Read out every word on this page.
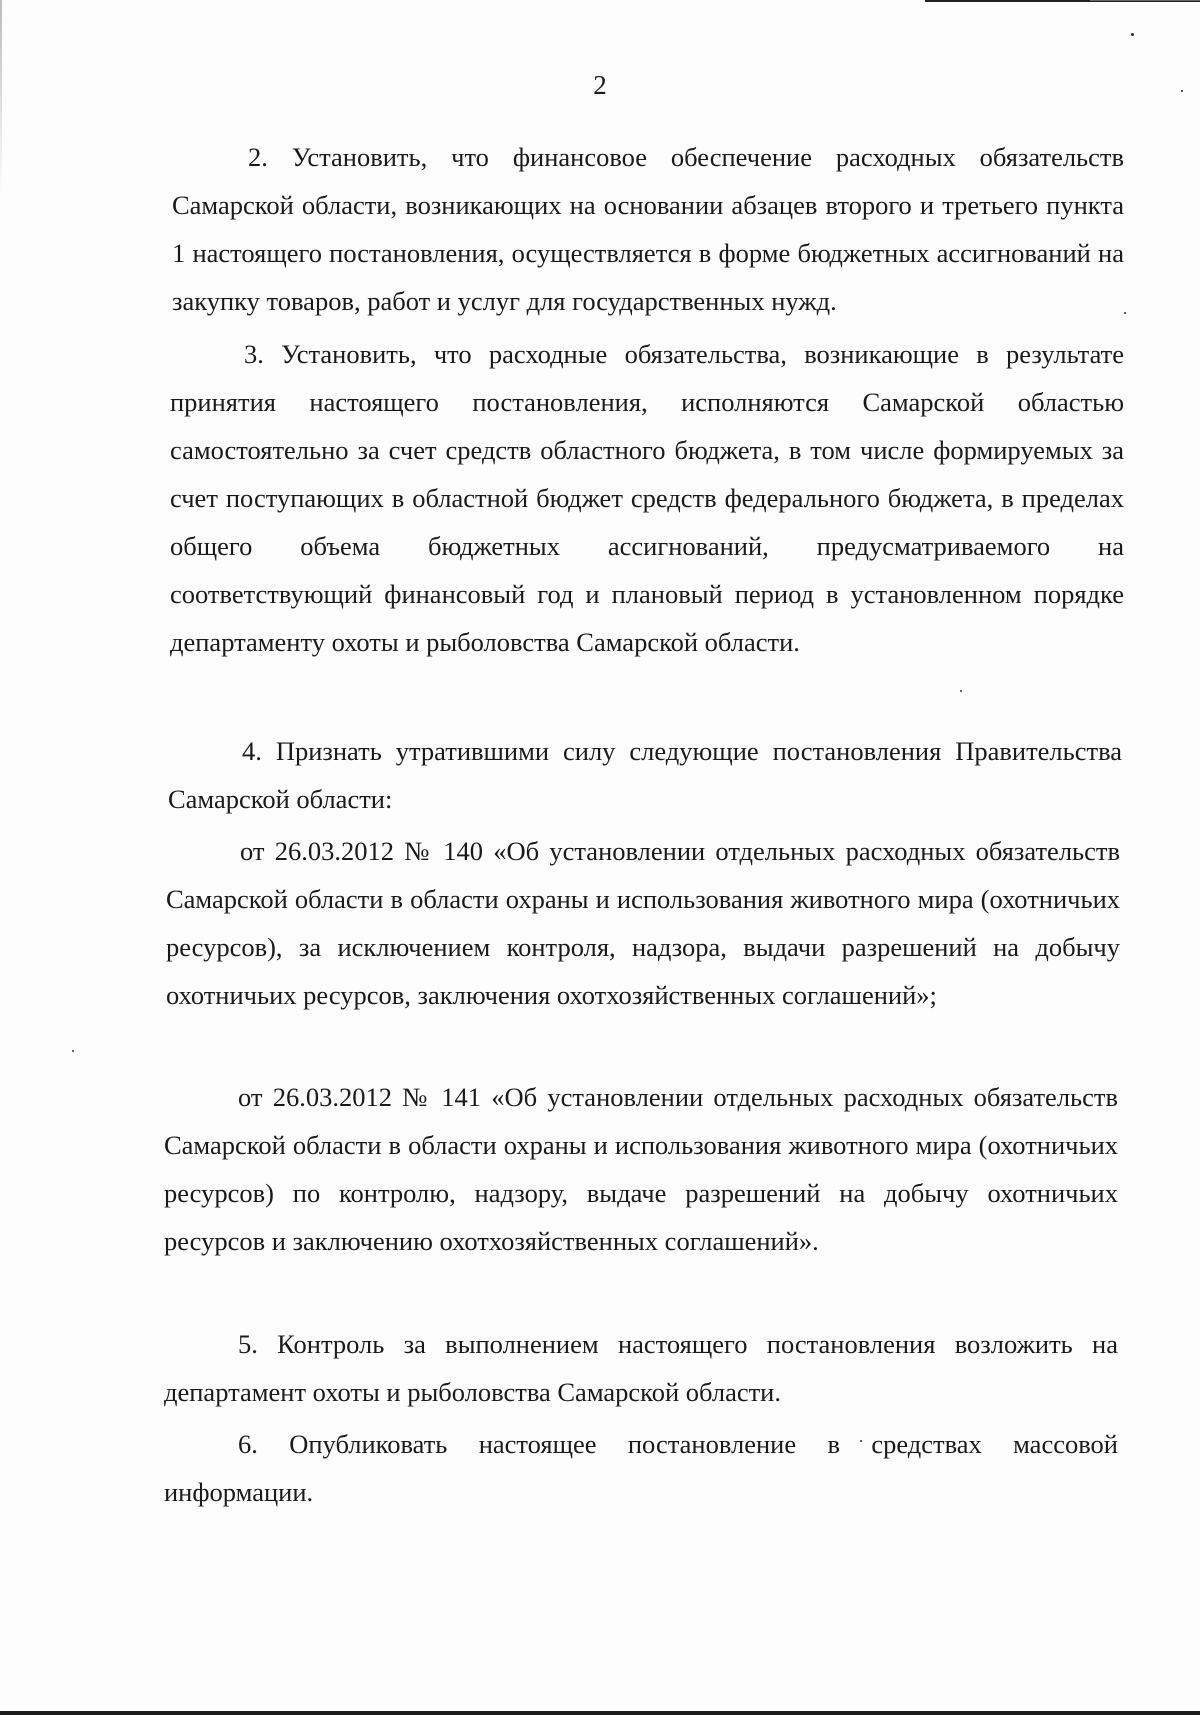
2
2. Установить, что финансовое обеспечение расходных обязательств Самарской области, возникающих на основании абзацев второго и третьего пункта 1 настоящего постановления, осуществляется в форме бюджетных ассигнований на закупку товаров, работ и услуг для государственных нужд.
3. Установить, что расходные обязательства, возникающие в результате принятия настоящего постановления, исполняются Самарской областью самостоятельно за счет средств областного бюджета, в том числе формируемых за счет поступающих в областной бюджет средств федерального бюджета, в пределах общего объема бюджетных ассигнований, предусматриваемого на соответствующий финансовый год и плановый период в установленном порядке департаменту охоты и рыболовства Самарской области.
4. Признать утратившими силу следующие постановления Правительства Самарской области:
от 26.03.2012 № 140 «Об установлении отдельных расходных обязательств Самарской области в области охраны и использования животного мира (охотничьих ресурсов), за исключением контроля, надзора, выдачи разрешений на добычу охотничьих ресурсов, заключения охотхозяйственных соглашений»;
от 26.03.2012 № 141 «Об установлении отдельных расходных обязательств Самарской области в области охраны и использования животного мира (охотничьих ресурсов) по контролю, надзору, выдаче разрешений на добычу охотничьих ресурсов и заключению охотхозяйственных соглашений».
5. Контроль за выполнением настоящего постановления возложить на департамент охоты и рыболовства Самарской области.
6. Опубликовать настоящее постановление в средствах массовой информации.
